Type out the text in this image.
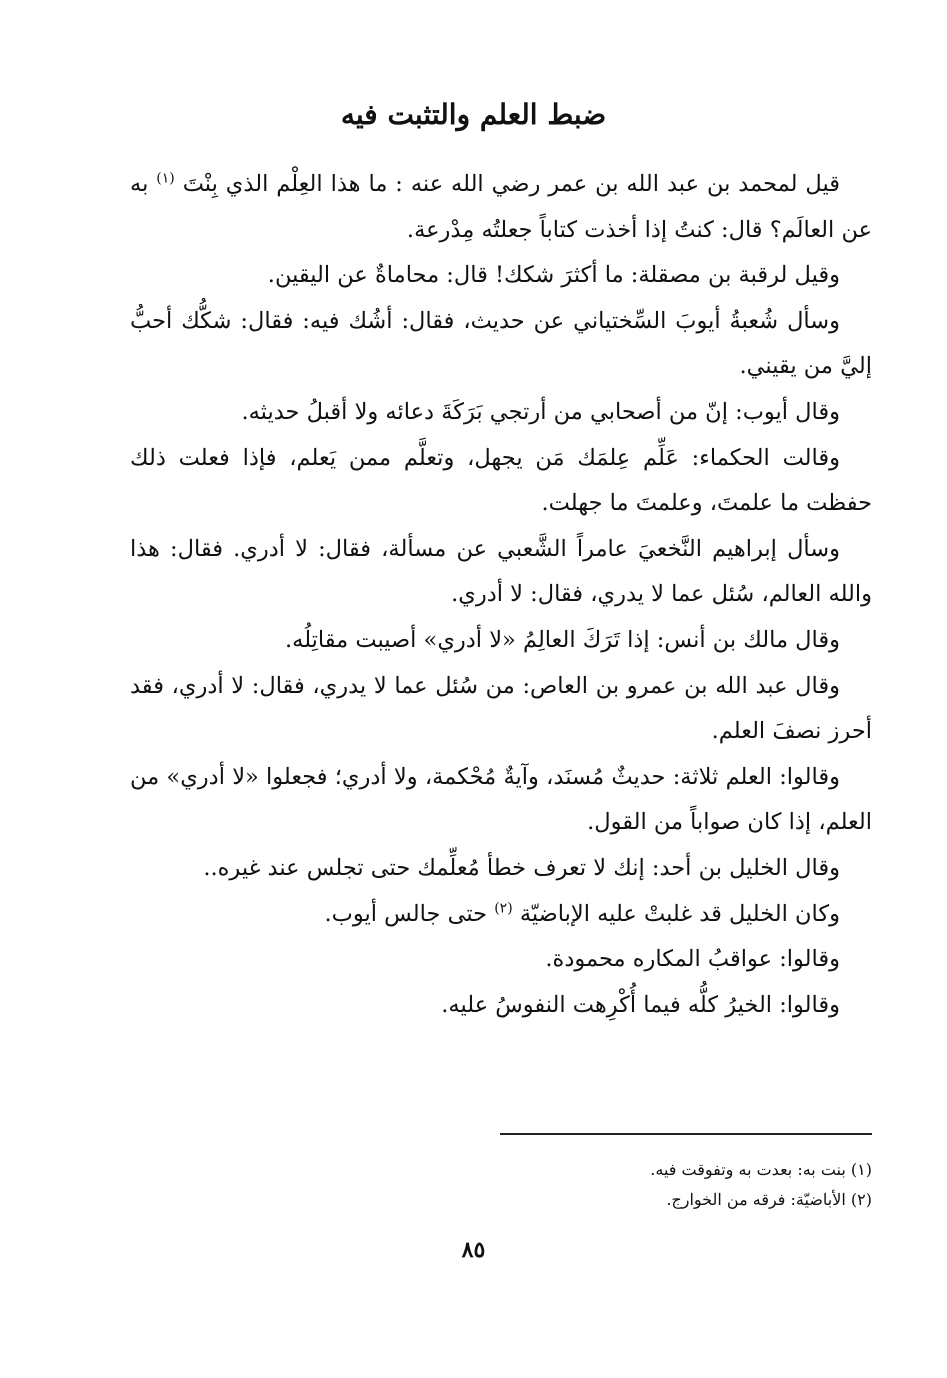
ضبط العلم والتثبت فيه

قيل لمحمد بن عبد الله بن عمر رضي الله عنه : ما هذا العِلْم الذي بِنْتَ $^{(١)}$ به عن العالَم؟ قال: كنتُ إذا أخذت كتاباً جعلتُه مِدْرعة.

وقيل لرقبة بن مصقلة: ما أكثرَ شكك! قال: محاماةٌ عن اليقين.

وسأل شُعبةُ أيوبَ السِّختياني عن حديث، فقال: أشُك فيه: فقال: شكُّك أحبُّ إليَّ من يقيني.

وقال أيوب: إنّ من أصحابي من أرتجي بَرَكَةَ دعائه ولا أقبلُ حديثه.

وقالت الحكماء: عَلِّم عِلمَك مَن يجهل، وتعلَّم ممن يَعلم، فإذا فعلت ذلك حفظت ما علمتَ، وعلمتَ ما جهلت.

وسأل إبراهيم النَّخعيَ عامراً الشَّعبي عن مسألة، فقال: لا أدري. فقال: هذا والله العالم، سُئل عما لا يدري، فقال: لا أدري.

وقال مالك بن أنس: إذا تَرَكَ العالِمُ «لا أدري» أصيبت مقاتِلُه.

وقال عبد الله بن عمرو بن العاص: من سُئل عما لا يدري، فقال: لا أدري، فقد أحرز نصفَ العلم.

وقالوا: العلم ثلاثة: حديثٌ مُسنَد، وآيةٌ مُحْكمة، ولا أدري؛ فجعلوا «لا أدري» من العلم، إذا كان صواباً من القول.

وقال الخليل بن أحد: إنك لا تعرف خطأ مُعلِّمك حتى تجلس عند غيره..

وكان الخليل قد غلبتْ عليه الإباضيّة $^{(٢)}$ حتى جالس أيوب.

وقالوا: عواقبُ المكاره محمودة.

وقالوا: الخيرُ كلُّه فيما أُكْرِهت النفوسُ عليه.

(١) بنت به: بعدت به وتفوقت فيه.

(٢) الأباضيّة: فرقه من الخوارج.

٨٥
